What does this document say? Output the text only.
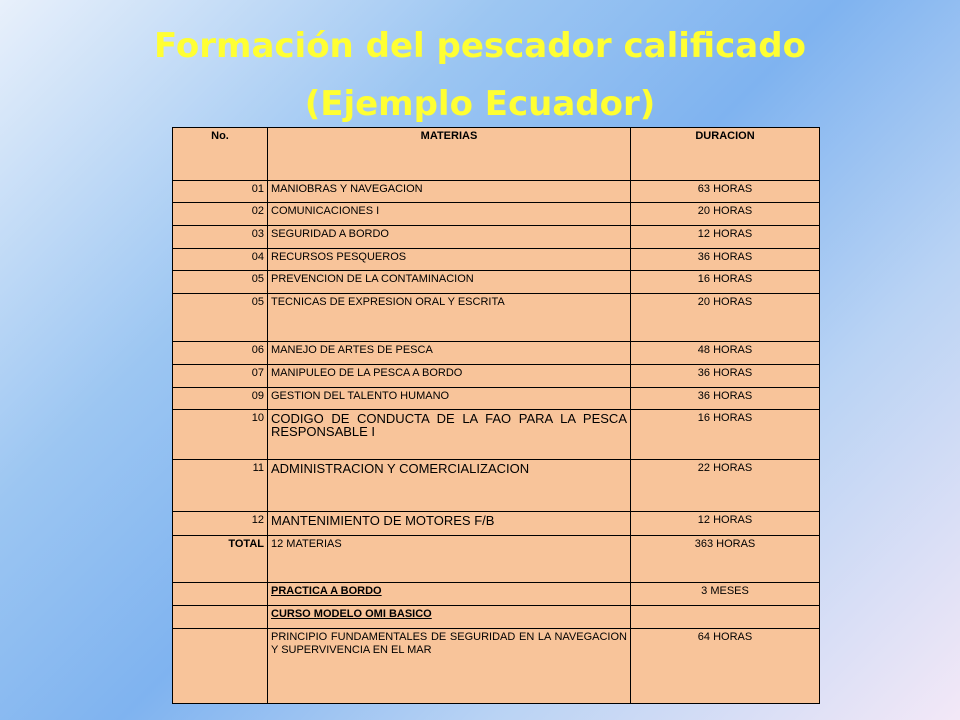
Formación del pescador calificado
(Ejemplo Ecuador)
No.	MATERIAS	DURACION
01	MANIOBRAS Y NAVEGACION	63 HORAS
02	COMUNICACIONES I	20 HORAS
03	SEGURIDAD A BORDO	12 HORAS
04	RECURSOS PESQUEROS	36 HORAS
05	PREVENCION DE LA CONTAMINACION	16 HORAS
05	TECNICAS DE EXPRESION ORAL Y ESCRITA	20 HORAS
06	MANEJO DE ARTES DE PESCA	48 HORAS
07	MANIPULEO DE LA PESCA A BORDO	36 HORAS
09	GESTION DEL TALENTO HUMANO	36 HORAS
10	CODIGO DE CONDUCTA DE LA FAO PARA LA PESCA RESPONSABLE I	16 HORAS
11	ADMINISTRACION Y COMERCIALIZACION	22 HORAS
12	MANTENIMIENTO DE MOTORES F/B	12 HORAS
TOTAL	12 MATERIAS	363 HORAS
	PRACTICA A BORDO	3 MESES
	CURSO MODELO OMI BASICO	
	PRINCIPIO FUNDAMENTALES DE SEGURIDAD EN LA NAVEGACION Y SUPERVIVENCIA EN EL MAR	64 HORAS
